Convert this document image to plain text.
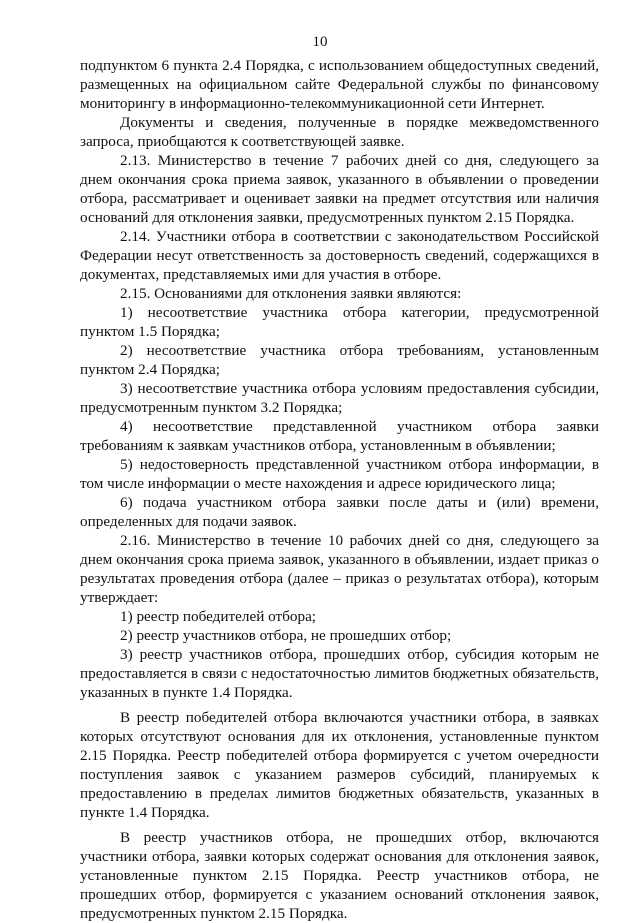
10

подпунктом 6 пункта 2.4 Порядка, с использованием общедоступных сведений, размещенных на официальном сайте Федеральной службы по финансовому мониторингу в информационно-телекоммуникационной сети Интернет.

Документы и сведения, полученные в порядке межведомственного запроса, приобщаются к соответствующей заявке.

2.13. Министерство в течение 7 рабочих дней со дня, следующего за днем окончания срока приема заявок, указанного в объявлении о проведении отбора, рассматривает и оценивает заявки на предмет отсутствия или наличия оснований для отклонения заявки, предусмотренных пунктом 2.15 Порядка.

2.14. Участники отбора в соответствии с законодательством Российской Федерации несут ответственность за достоверность сведений, содержащихся в документах, представляемых ими для участия в отборе.

2.15. Основаниями для отклонения заявки являются:

1) несоответствие участника отбора категории, предусмотренной пунктом 1.5 Порядка;

2) несоответствие участника отбора требованиям, установленным пунктом 2.4 Порядка;

3) несоответствие участника отбора условиям предоставления субсидии, предусмотренным пунктом 3.2 Порядка;

4) несоответствие представленной участником отбора заявки требованиям к заявкам участников отбора, установленным в объявлении;

5) недостоверность представленной участником отбора информации, в том числе информации о месте нахождения и адресе юридического лица;

6) подача участником отбора заявки после даты и (или) времени, определенных для подачи заявок.

2.16. Министерство в течение 10 рабочих дней со дня, следующего за днем окончания срока приема заявок, указанного в объявлении, издает приказ о результатах проведения отбора (далее – приказ о результатах отбора), которым утверждает:

1) реестр победителей отбора;

2) реестр участников отбора, не прошедших отбор;

3) реестр участников отбора, прошедших отбор, субсидия которым не предоставляется в связи с недостаточностью лимитов бюджетных обязательств, указанных в пункте 1.4 Порядка.

В реестр победителей отбора включаются участники отбора, в заявках которых отсутствуют основания для их отклонения, установленные пунктом 2.15 Порядка. Реестр победителей отбора формируется с учетом очередности поступления заявок с указанием размеров субсидий, планируемых к предоставлению в пределах лимитов бюджетных обязательств, указанных в пункте 1.4 Порядка.

В реестр участников отбора, не прошедших отбор, включаются участники отбора, заявки которых содержат основания для отклонения заявок, установленные пунктом 2.15 Порядка. Реестр участников отбора, не прошедших отбор, формируется с указанием оснований отклонения заявок, предусмотренных пунктом 2.15 Порядка.
